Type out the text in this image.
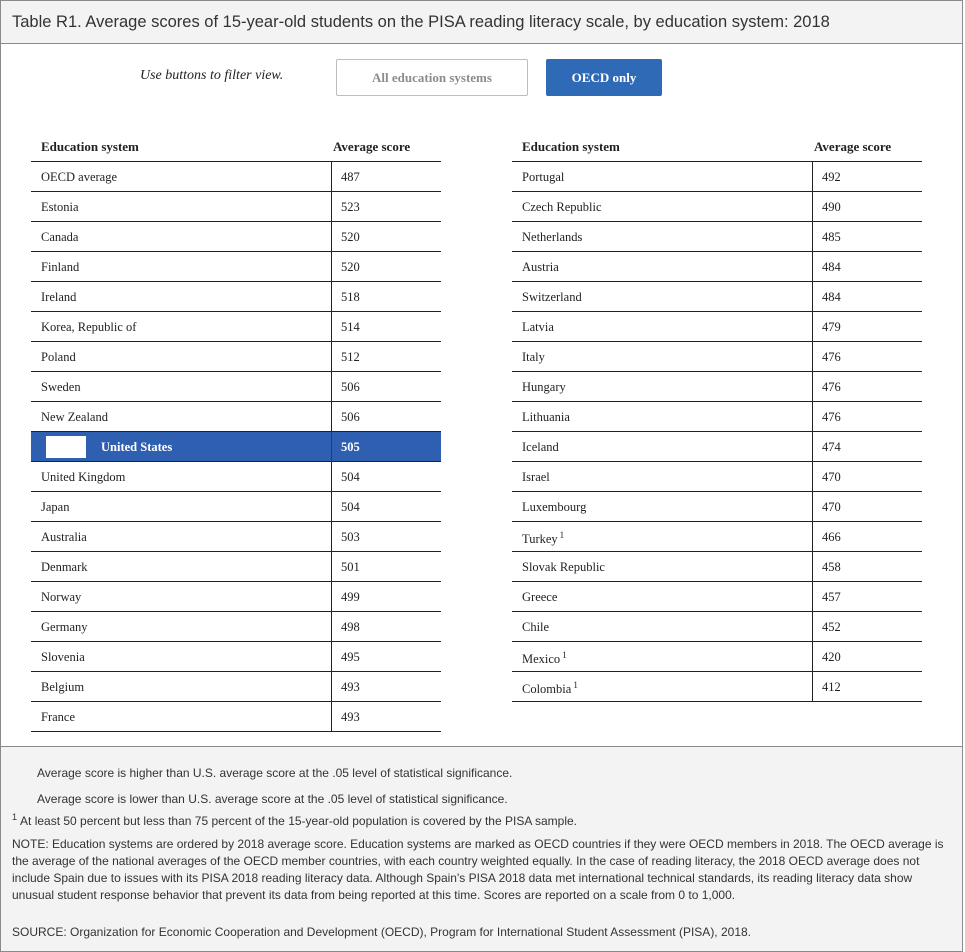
Table R1. Average scores of 15-year-old students on the PISA reading literacy scale, by education system: 2018
Use buttons to filter view.	All education systems	OECD only
Education system	Average score
OECD average	487
Estonia	523
Canada	520
Finland	520
Ireland	518
Korea, Republic of	514
Poland	512
Sweden	506
New Zealand	506
United States	505
United Kingdom	504
Japan	504
Australia	503
Denmark	501
Norway	499
Germany	498
Slovenia	495
Belgium	493
France	493
Education system	Average score
Portugal	492
Czech Republic	490
Netherlands	485
Austria	484
Switzerland	484
Latvia	479
Italy	476
Hungary	476
Lithuania	476
Iceland	474
Israel	470
Luxembourg	470
Turkey $^1$	466
Slovak Republic	458
Greece	457
Chile	452
Mexico $^1$	420
Colombia $^1$	412
Average score is higher than U.S. average score at the .05 level of statistical significance.
Average score is lower than U.S. average score at the .05 level of statistical significance.
$^1$ At least 50 percent but less than 75 percent of the 15-year-old population is covered by the PISA sample.
NOTE: Education systems are ordered by 2018 average score. Education systems are marked as OECD countries if they were OECD members in 2018. The OECD average is the average of the national averages of the OECD member countries, with each country weighted equally. In the case of reading literacy, the 2018 OECD average does not include Spain due to issues with its PISA 2018 reading literacy data. Although Spain's PISA 2018 data met international technical standards, its reading literacy data show unusual student response behavior that prevent its data from being reported at this time. Scores are reported on a scale from 0 to 1,000.
SOURCE: Organization for Economic Cooperation and Development (OECD), Program for International Student Assessment (PISA), 2018.
